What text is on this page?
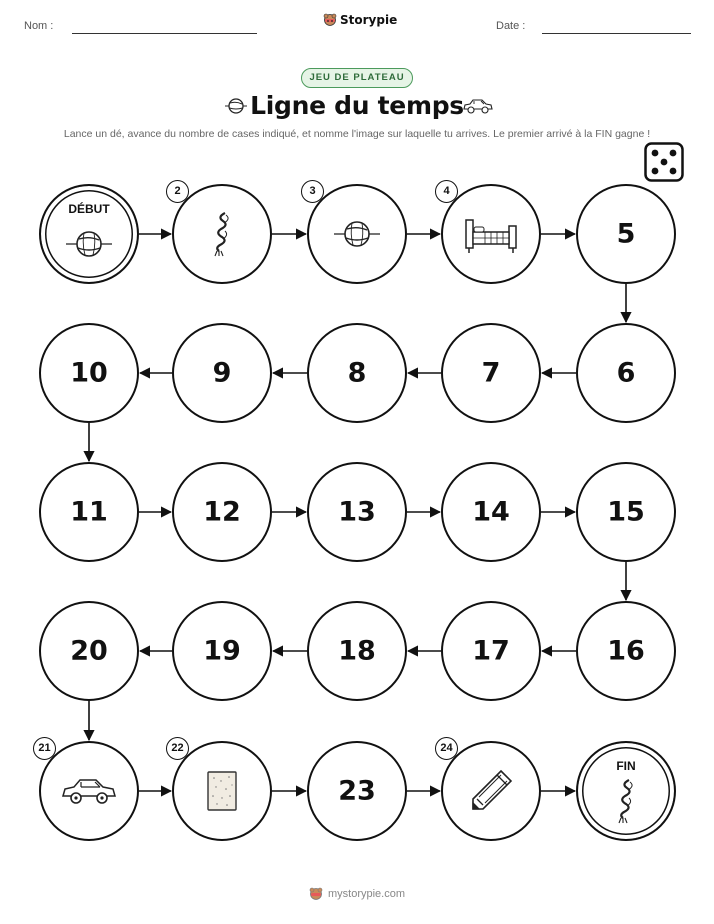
Nom :	Storypie	Date :
JEU DE PLATEAU
Ligne du temps
Lance un dé, avance du nombre de cases indiqué, et nomme l'image sur laquelle tu arrives. Le premier arrivé à la FIN gagne !
DÉBUT
2	3	4
5
6
7
8
9
10
11	12	13	14	15
16
17
18
19
20
21	22
23
24
FIN
mystorypie.com
